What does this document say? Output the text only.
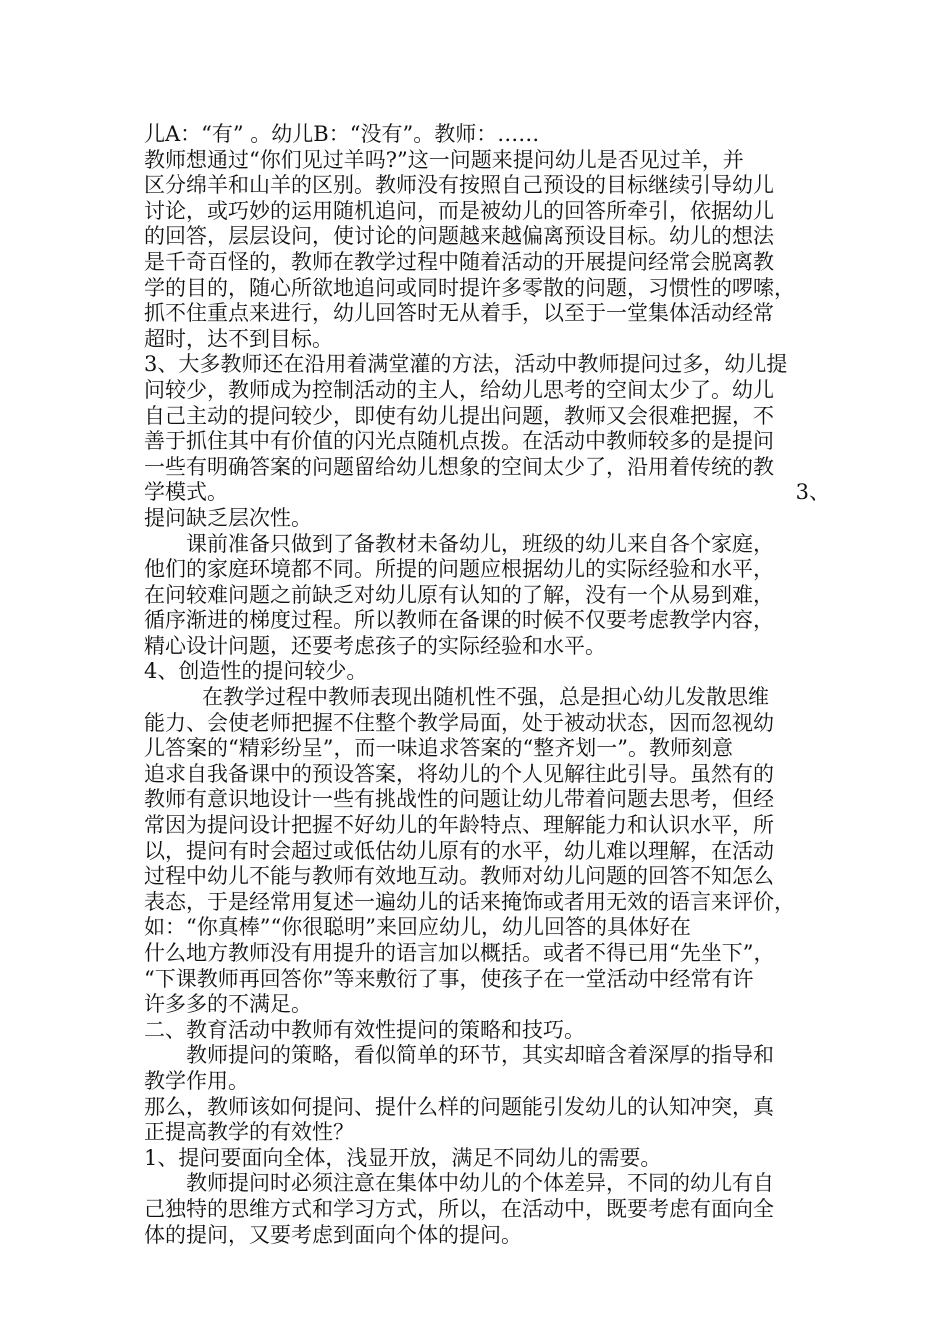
儿A：“有” 。幼儿B：“没有”。教师：……
教师想通过“你们见过羊吗?”这一问题来提问幼儿是否见过羊，并
区分绵羊和山羊的区别。教师没有按照自己预设的目标继续引导幼儿
讨论，或巧妙的运用随机追问，而是被幼儿的回答所牵引，依据幼儿
的回答，层层设问，使讨论的问题越来越偏离预设目标。幼儿的想法
是千奇百怪的，教师在教学过程中随着活动的开展提问经常会脱离教
学的目的，随心所欲地追问或同时提许多零散的问题，习惯性的啰嗦，
抓不住重点来进行，幼儿回答时无从着手，以至于一堂集体活动经常
超时，达不到目标。
3、大多教师还在沿用着满堂灌的方法，活动中教师提问过多，幼儿提
问较少，教师成为控制活动的主人，给幼儿思考的空间太少了。幼儿
自己主动的提问较少，即使有幼儿提出问题，教师又会很难把握，不
善于抓住其中有价值的闪光点随机点拨。在活动中教师较多的是提问
一些有明确答案的问题留给幼儿想象的空间太少了，沿用着传统的教
学模式。	3、
提问缺乏层次性。
课前准备只做到了备教材未备幼儿，班级的幼儿来自各个家庭，
他们的家庭环境都不同。所提的问题应根据幼儿的实际经验和水平，
在问较难问题之前缺乏对幼儿原有认知的了解，没有一个从易到难，
循序渐进的梯度过程。所以教师在备课的时候不仅要考虑教学内容，
精心设计问题，还要考虑孩子的实际经验和水平。
4、创造性的提问较少。
在教学过程中教师表现出随机性不强，总是担心幼儿发散思维
能力、会使老师把握不住整个教学局面，处于被动状态，因而忽视幼
儿答案的“精彩纷呈”，而一味追求答案的“整齐划一”。教师刻意
追求自我备课中的预设答案，将幼儿的个人见解往此引导。虽然有的
教师有意识地设计一些有挑战性的问题让幼儿带着问题去思考，但经
常因为提问设计把握不好幼儿的年龄特点、理解能力和认识水平，所
以，提问有时会超过或低估幼儿原有的水平，幼儿难以理解，在活动
过程中幼儿不能与教师有效地互动。教师对幼儿问题的回答不知怎么
表态，于是经常用复述一遍幼儿的话来掩饰或者用无效的语言来评价，
如：“你真棒”“你很聪明”来回应幼儿，幼儿回答的具体好在
什么地方教师没有用提升的语言加以概括。或者不得已用“先坐下”，
“下课教师再回答你”等来敷衍了事，使孩子在一堂活动中经常有许
许多多的不满足。
二、教育活动中教师有效性提问的策略和技巧。
教师提问的策略，看似简单的环节，其实却暗含着深厚的指导和
教学作用。
那么，教师该如何提问、提什么样的问题能引发幼儿的认知冲突，真
正提高教学的有效性？
1、提问要面向全体，浅显开放，满足不同幼儿的需要。
教师提问时必须注意在集体中幼儿的个体差异，不同的幼儿有自
己独特的思维方式和学习方式，所以，在活动中，既要考虑有面向全
体的提问，又要考虑到面向个体的提问。
